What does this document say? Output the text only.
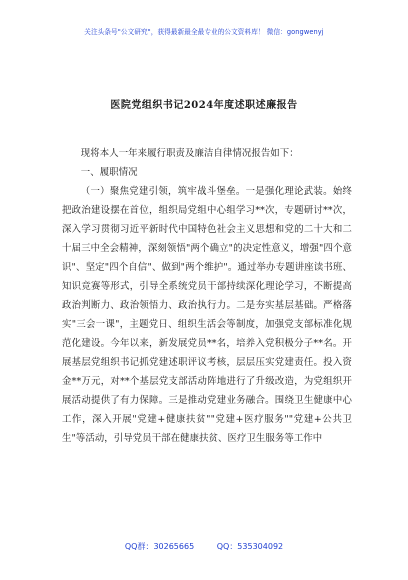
关注头条号"公文研究"，获得最新最全最专业的公文资料库！ 微信：gongwenyj
医院党组织书记2024年度述职述廉报告

现将本人一年来履行职责及廉洁自律情况报告如下：

一、履职情况

（一）聚焦党建引领，筑牢战斗堡垒。一是强化理论武装。始终把政治建设摆在首位，组织局党组中心组学习**次，专题研讨**次，深入学习贯彻习近平新时代中国特色社会主义思想和党的二十大和二十届三中全会精神，深刻领悟"两个确立"的决定性意义，增强"四个意识"、坚定"四个自信"、做到"两个维护"。通过举办专题讲座读书班、知识竞赛等形式，引导全系统党员干部持续深化理论学习，不断提高政治判断力、政治领悟力、政治执行力。二是夯实基层基础。严格落实"三会一课"，主题党日、组织生活会等制度，加强党支部标准化规范化建设。今年以来，新发展党员**名，培养入党积极分子**名。开展基层党组织书记抓党建述职评议考核，层层压实党建责任。投入资金**万元，对**个基层党支部活动阵地进行了升级改造，为党组织开展活动提供了有力保障。三是推动党建业务融合。围绕卫生健康中心工作，深入开展"党建+健康扶贫""党建+医疗服务""党建+公共卫生"等活动，引导党员干部在健康扶贫、医疗卫生服务等工作中

QQ群：30265665	QQ：535304092
